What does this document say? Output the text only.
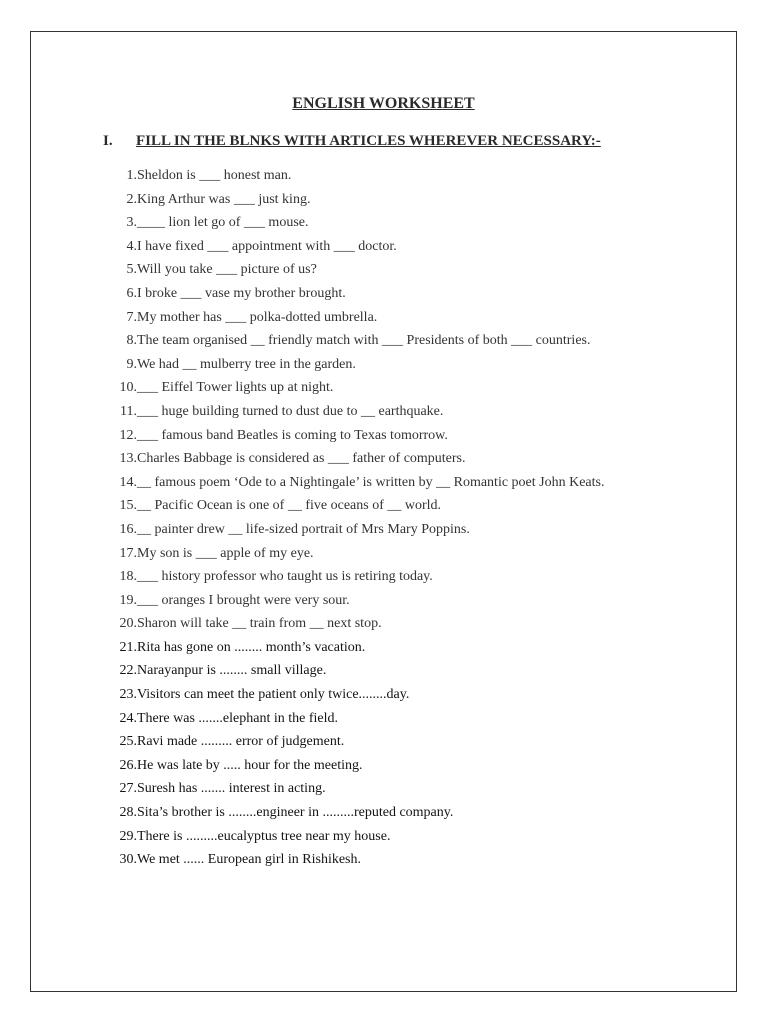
ENGLISH WORKSHEET
I. FILL IN THE BLNKS WITH ARTICLES WHEREVER NECESSARY:-
1. Sheldon is ___ honest man.
2. King Arthur was ___ just king.
3. ____ lion let go of ___ mouse.
4. I have fixed ___ appointment with ___ doctor.
5. Will you take ___ picture of us?
6. I broke ___ vase my brother brought.
7. My mother has ___ polka-dotted umbrella.
8. The team organised __ friendly match with ___ Presidents of both ___ countries.
9. We had __ mulberry tree in the garden.
10. ___ Eiffel Tower lights up at night.
11. ___ huge building turned to dust due to __ earthquake.
12. ___ famous band Beatles is coming to Texas tomorrow.
13. Charles Babbage is considered as ___ father of computers.
14. __ famous poem ‘Ode to a Nightingale’ is written by __ Romantic poet John Keats.
15. __ Pacific Ocean is one of __ five oceans of __ world.
16. __ painter drew __ life-sized portrait of Mrs Mary Poppins.
17. My son is ___ apple of my eye.
18. ___ history professor who taught us is retiring today.
19. ___ oranges I brought were very sour.
20. Sharon will take __ train from __ next stop.
21. Rita has gone on ........ month’s vacation.
22. Narayanpur is ........ small village.
23. Visitors can meet the patient only twice........day.
24. There was .......elephant in the field.
25. Ravi made ......... error of judgement.
26. He was late by ..... hour for the meeting.
27. Suresh has ....... interest in acting.
28. Sita’s brother is ........engineer in .........reputed company.
29. There is .........eucalyptus tree near my house.
30. We met ...... European girl in Rishikesh.
